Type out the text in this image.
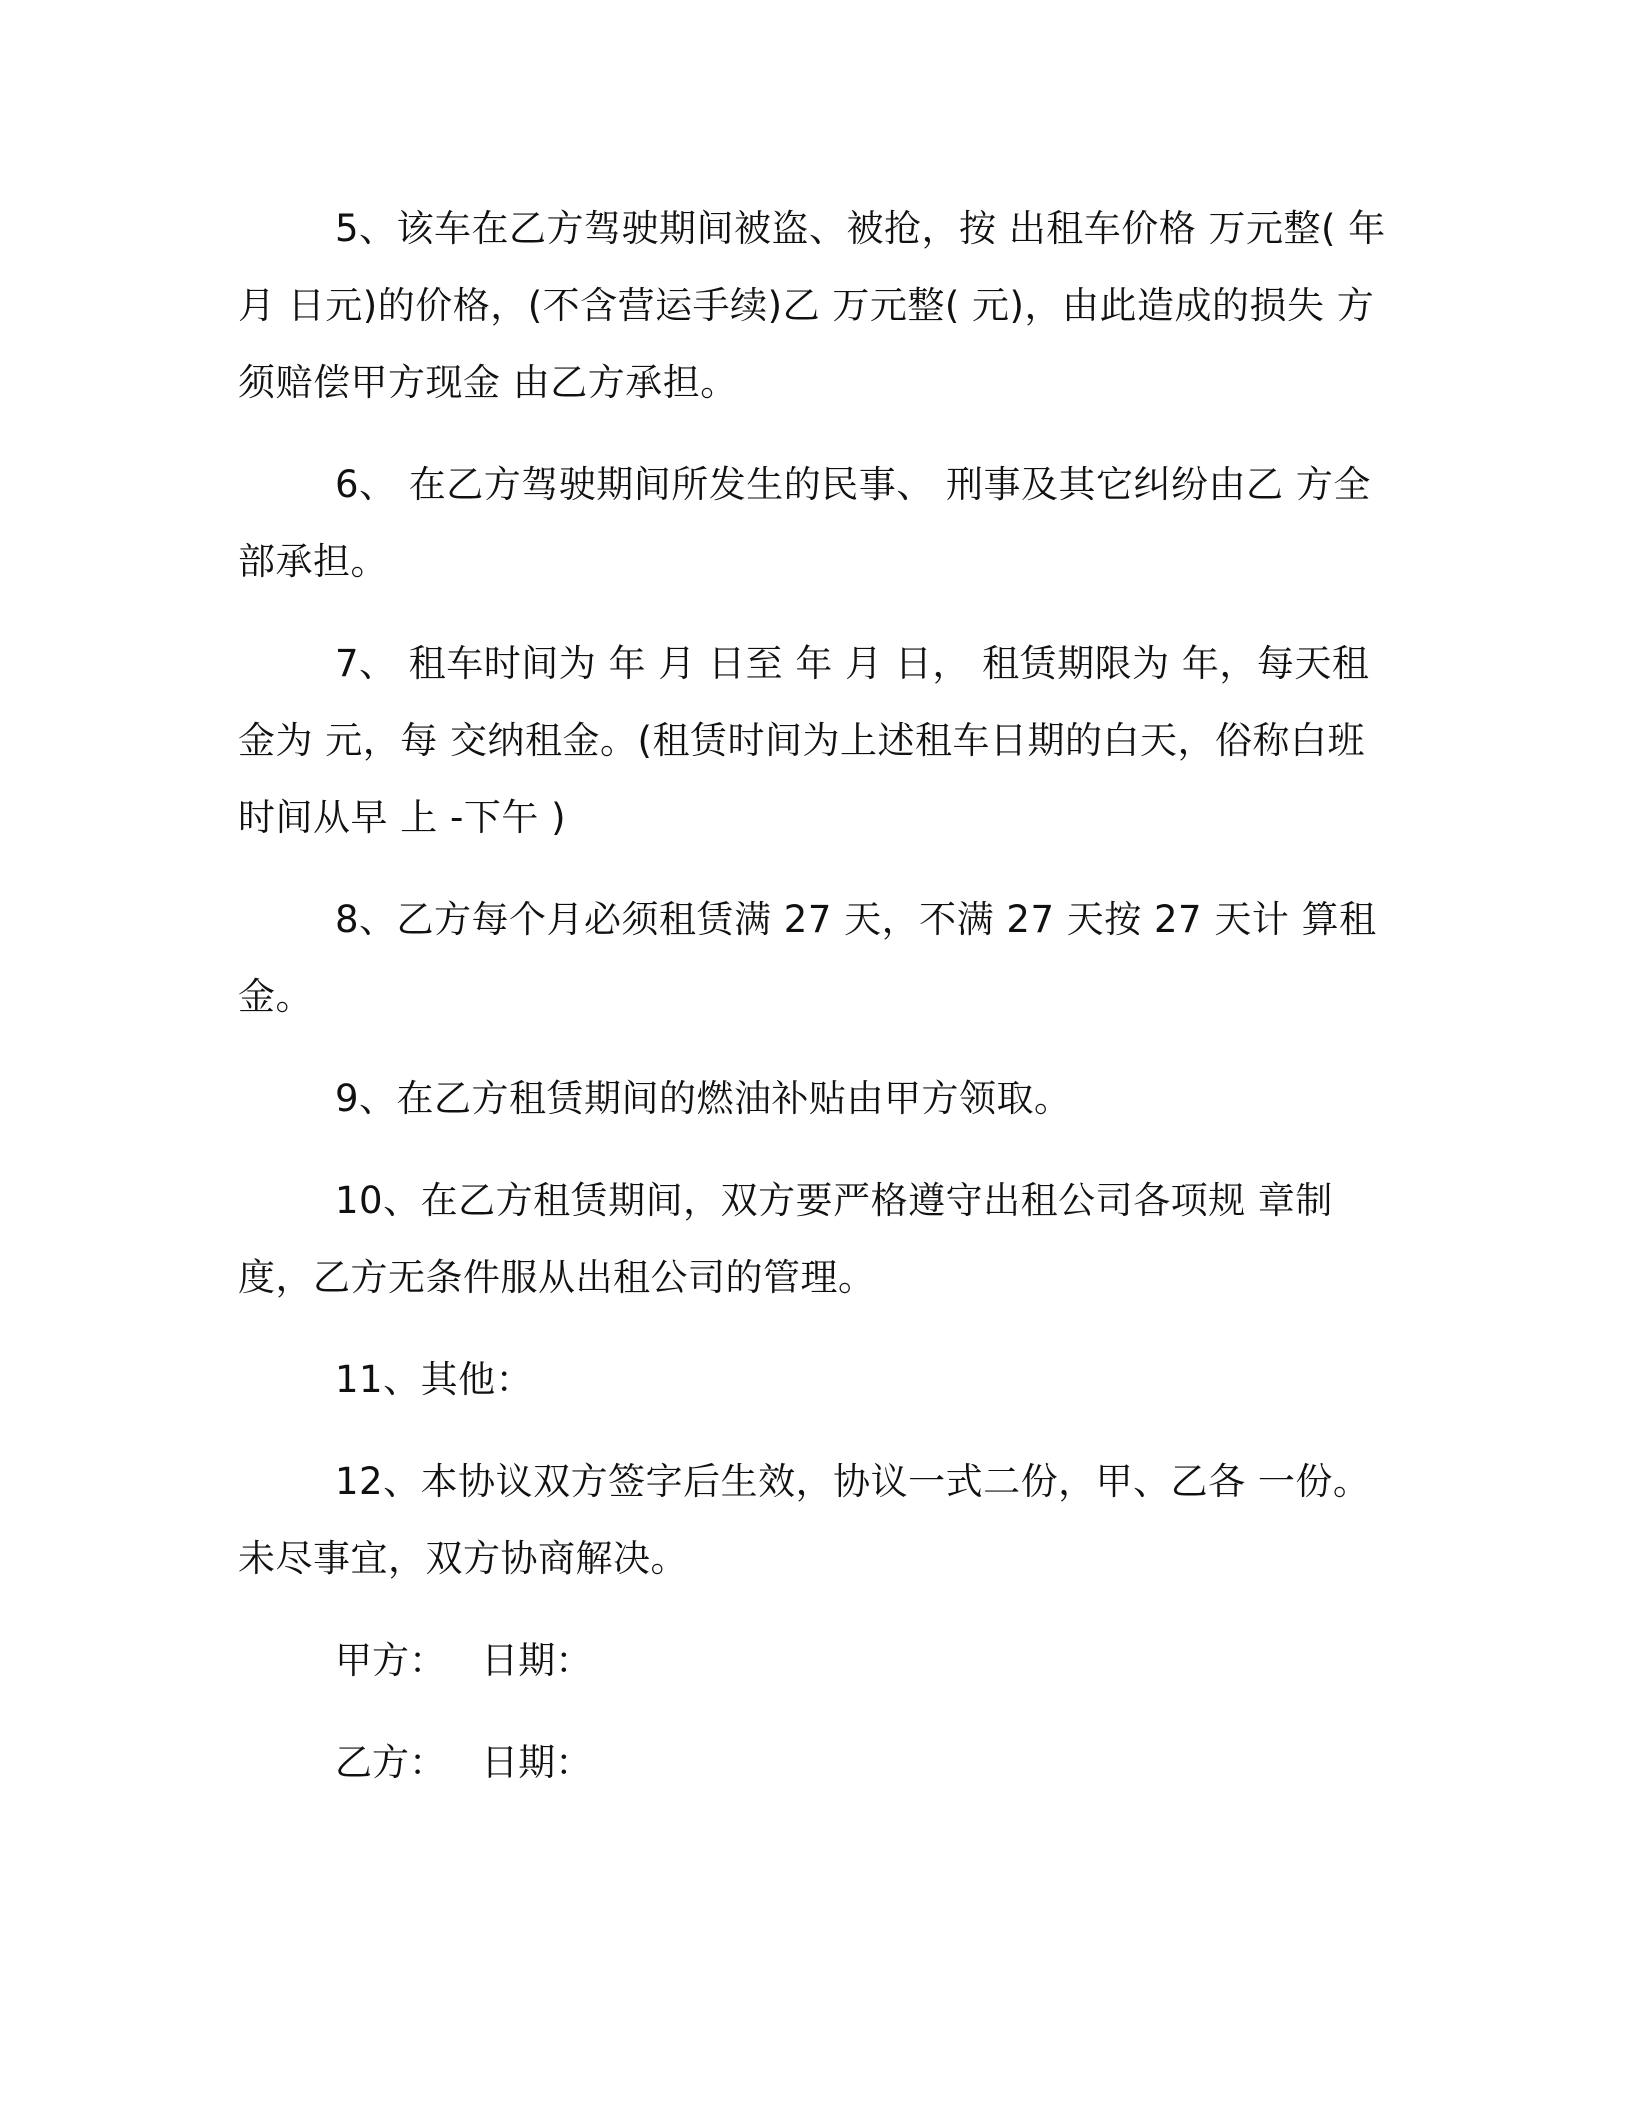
5、该车在乙方驾驶期间被盗、被抢，按 出租车价格 万元整( 年 月 日元)的价格，(不含营运手续)乙 万元整( 元)，由此造成的损失 方须赔偿甲方现金 由乙方承担。

6、 在乙方驾驶期间所发生的民事、 刑事及其它纠纷由乙 方全部承担。

7、 租车时间为 年 月 日至 年 月 日， 租赁期限为 年，每天租金为 元，每 交纳租金。(租赁时间为上述租车日期的白天，俗称白班时间从早 上 -下午 )

8、乙方每个月必须租赁满 27 天，不满 27 天按 27 天计 算租金。

9、在乙方租赁期间的燃油补贴由甲方领取。

10、在乙方租赁期间，双方要严格遵守出租公司各项规 章制度，乙方无条件服从出租公司的管理。

11、其他：

12、本协议双方签字后生效，协议一式二份，甲、乙各 一份。未尽事宜，双方协商解决。

甲方：   日期：

乙方：   日期：
